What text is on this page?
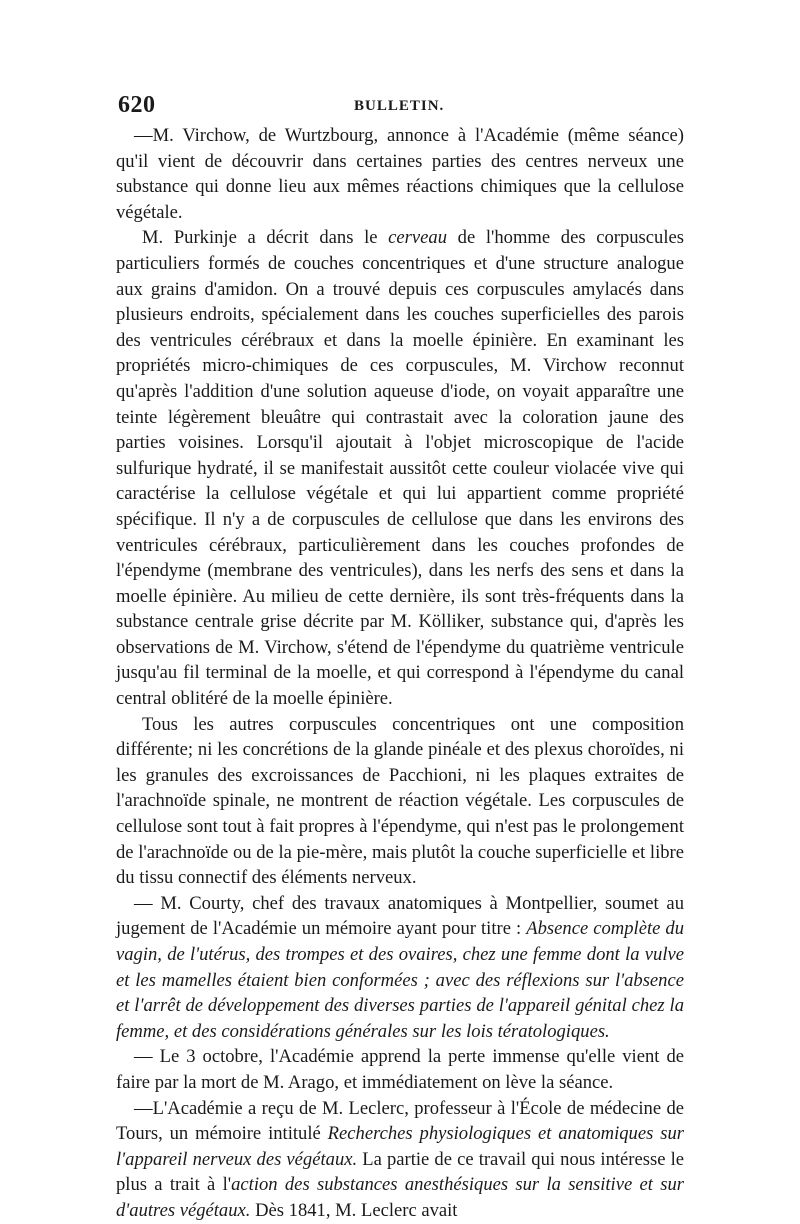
620	BULLETIN.

—M. Virchow, de Wurtzbourg, annonce à l'Académie (même séance) qu'il vient de découvrir dans certaines parties des centres nerveux une substance qui donne lieu aux mêmes réactions chimiques que la cellulose végétale.

M. Purkinje a décrit dans le cerveau de l'homme des corpuscules particuliers formés de couches concentriques et d'une structure analogue aux grains d'amidon. On a trouvé depuis ces corpuscules amylacés dans plusieurs endroits, spécialement dans les couches superficielles des parois des ventricules cérébraux et dans la moelle épinière. En examinant les propriétés micro-chimiques de ces corpuscules, M. Virchow reconnut qu'après l'addition d'une solution aqueuse d'iode, on voyait apparaître une teinte légèrement bleuâtre qui contrastait avec la coloration jaune des parties voisines. Lorsqu'il ajoutait à l'objet microscopique de l'acide sulfurique hydraté, il se manifestait aussitôt cette couleur violacée vive qui caractérise la cellulose végétale et qui lui appartient comme propriété spécifique. Il n'y a de corpuscules de cellulose que dans les environs des ventricules cérébraux, particulièrement dans les couches profondes de l'épendyme (membrane des ventricules), dans les nerfs des sens et dans la moelle épinière. Au milieu de cette dernière, ils sont très-fréquents dans la substance centrale grise décrite par M. Kölliker, substance qui, d'après les observations de M. Virchow, s'étend de l'épendyme du quatrième ventricule jusqu'au fil terminal de la moelle, et qui correspond à l'épendyme du canal central oblitéré de la moelle épinière.

Tous les autres corpuscules concentriques ont une composition différente; ni les concrétions de la glande pinéale et des plexus choroïdes, ni les granules des excroissances de Pacchioni, ni les plaques extraites de l'arachnoïde spinale, ne montrent de réaction végétale. Les corpuscules de cellulose sont tout à fait propres à l'épendyme, qui n'est pas le prolongement de l'arachnoïde ou de la pie-mère, mais plutôt la couche superficielle et libre du tissu connectif des éléments nerveux.

— M. Courty, chef des travaux anatomiques à Montpellier, soumet au jugement de l'Académie un mémoire ayant pour titre : Absence complète du vagin, de l'utérus, des trompes et des ovaires, chez une femme dont la vulve et les mamelles étaient bien conformées ; avec des réflexions sur l'absence et l'arrêt de développement des diverses parties de l'appareil génital chez la femme, et des considérations générales sur les lois tératologiques.

— Le 3 octobre, l'Académie apprend la perte immense qu'elle vient de faire par la mort de M. Arago, et immédiatement on lève la séance.

—L'Académie a reçu de M. Leclerc, professeur à l'École de médecine de Tours, un mémoire intitulé Recherches physiologiques et anatomiques sur l'appareil nerveux des végétaux. La partie de ce travail qui nous intéresse le plus a trait à l'action des substances anesthésiques sur la sensitive et sur d'autres végétaux. Dès 1841, M. Leclerc avait
